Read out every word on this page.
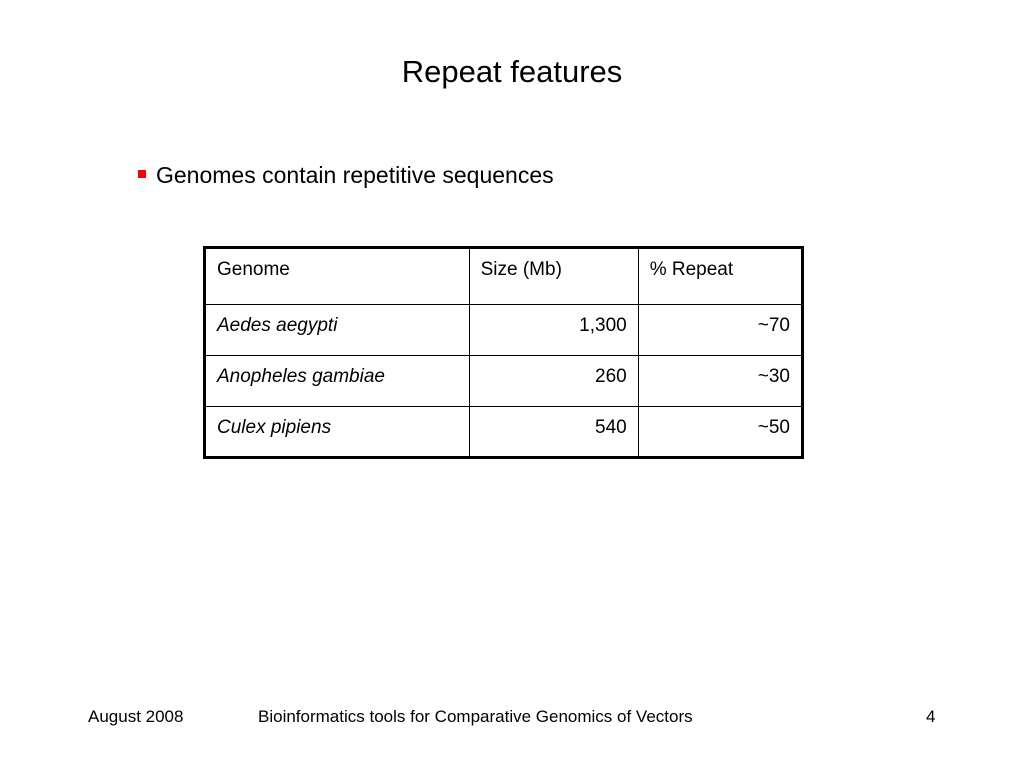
Repeat features
Genomes contain repetitive sequences
Genome	Size (Mb)	% Repeat
Aedes aegypti	1,300	~70
Anopheles gambiae	260	~30
Culex pipiens	540	~50
August 2008	Bioinformatics tools for Comparative Genomics of Vectors	4
